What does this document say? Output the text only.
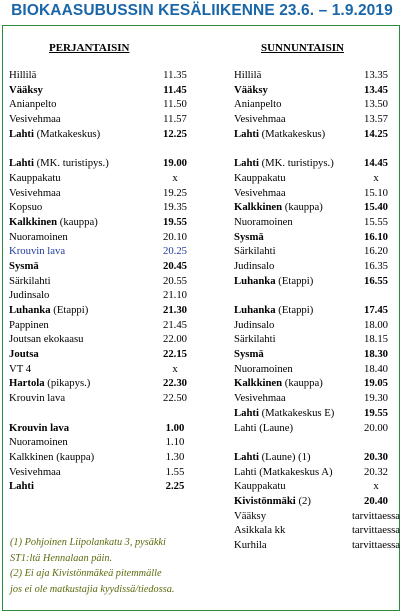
BIOKAASUBUSSIN KESÄLIIKENNE 23.6. – 1.9.2019
PERJANTAISIN
Hillilä	11.35
Vääksy	11.45
Anianpelto	11.50
Vesivehmaa	11.57
Lahti (Matkakeskus)	12.25
Lahti (MK. turistipys.)	19.00
Kauppakatu	x
Vesivehmaa	19.25
Kopsuo	19.35
Kalkkinen (kauppa)	19.55
Nuoramoinen	20.10
Krouvin lava	20.25
Sysmä	20.45
Särkilahti	20.55
Judinsalo	21.10
Luhanka (Etappi)	21.30
Pappinen	21.45
Joutsan ekokaasu	22.00
Joutsa	22.15
VT 4	x
Hartola (pikapys.)	22.30
Krouvin lava	22.50
Krouvin lava	1.00
Nuoramoinen	1.10
Kalkkinen (kauppa)	1.30
Vesivehmaa	1.55
Lahti	2.25
SUNNUNTAISIN
Hillilä	13.35
Vääksy	13.45
Anianpelto	13.50
Vesivehmaa	13.57
Lahti (Matkakeskus)	14.25
Lahti (MK. turistipys.)	14.45
Kauppakatu	x
Vesivehmaa	15.10
Kalkkinen (kauppa)	15.40
Nuoramoinen	15.55
Sysmä	16.10
Särkilahti	16.20
Judinsalo	16.35
Luhanka (Etappi)	16.55
Luhanka (Etappi)	17.45
Judinsalo	18.00
Särkilahti	18.15
Sysmä	18.30
Nuoramoinen	18.40
Kalkkinen (kauppa)	19.05
Vesivehmaa	19.30
Lahti (Matkakeskus E)	19.55
Lahti (Laune)	20.00
Lahti (Laune) (1)	20.30
Lahti (Matkakeskus A)	20.32
Kauppakatu	x
Kivistönmäki (2)	20.40
Vääksy	tarvittaessa
Asikkala kk	tarvittaessa
Kurhila	tarvittaessa
(1) Pohjoinen Liipolankatu 3, pysäkki
ST1:ltä Hennalaan päin.
(2) Ei aja Kivistönmäkeä pitemmälle
jos ei ole matkustajia kyydissä/tiedossa.
